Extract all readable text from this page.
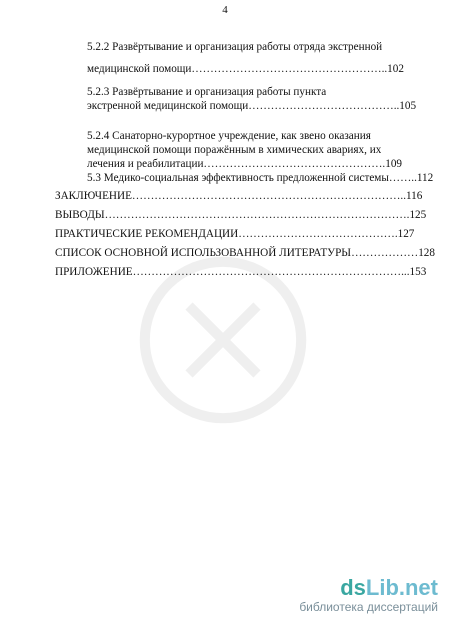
4
5.2.2 Развёртывание и организация работы отряда экстренной
медицинской помощи……………………………………………..102
5.2.3 Развёртывание и организация работы пункта
экстренной медицинской помощи…………………………………..105
5.2.4 Санаторно-курортное учреждение, как звено оказания
медицинской помощи поражённым в химических авариях, их
лечения и реабилитации………………………………………….109
5.3 Медико-социальная эффективность предложенной системы……..112
ЗАКЛЮЧЕНИЕ………………………………………………………………..116
ВЫВОДЫ……………………………………………………………………….125
ПРАКТИЧЕСКИЕ РЕКОМЕНДАЦИИ…………………………………….127
СПИСОК ОСНОВНОЙ ИСПОЛЬЗОВАННОЙ ЛИТЕРАТУРЫ………………128
ПРИЛОЖЕНИЕ………………………………………………………………...153
dsLib.net
библиотека диссертаций
